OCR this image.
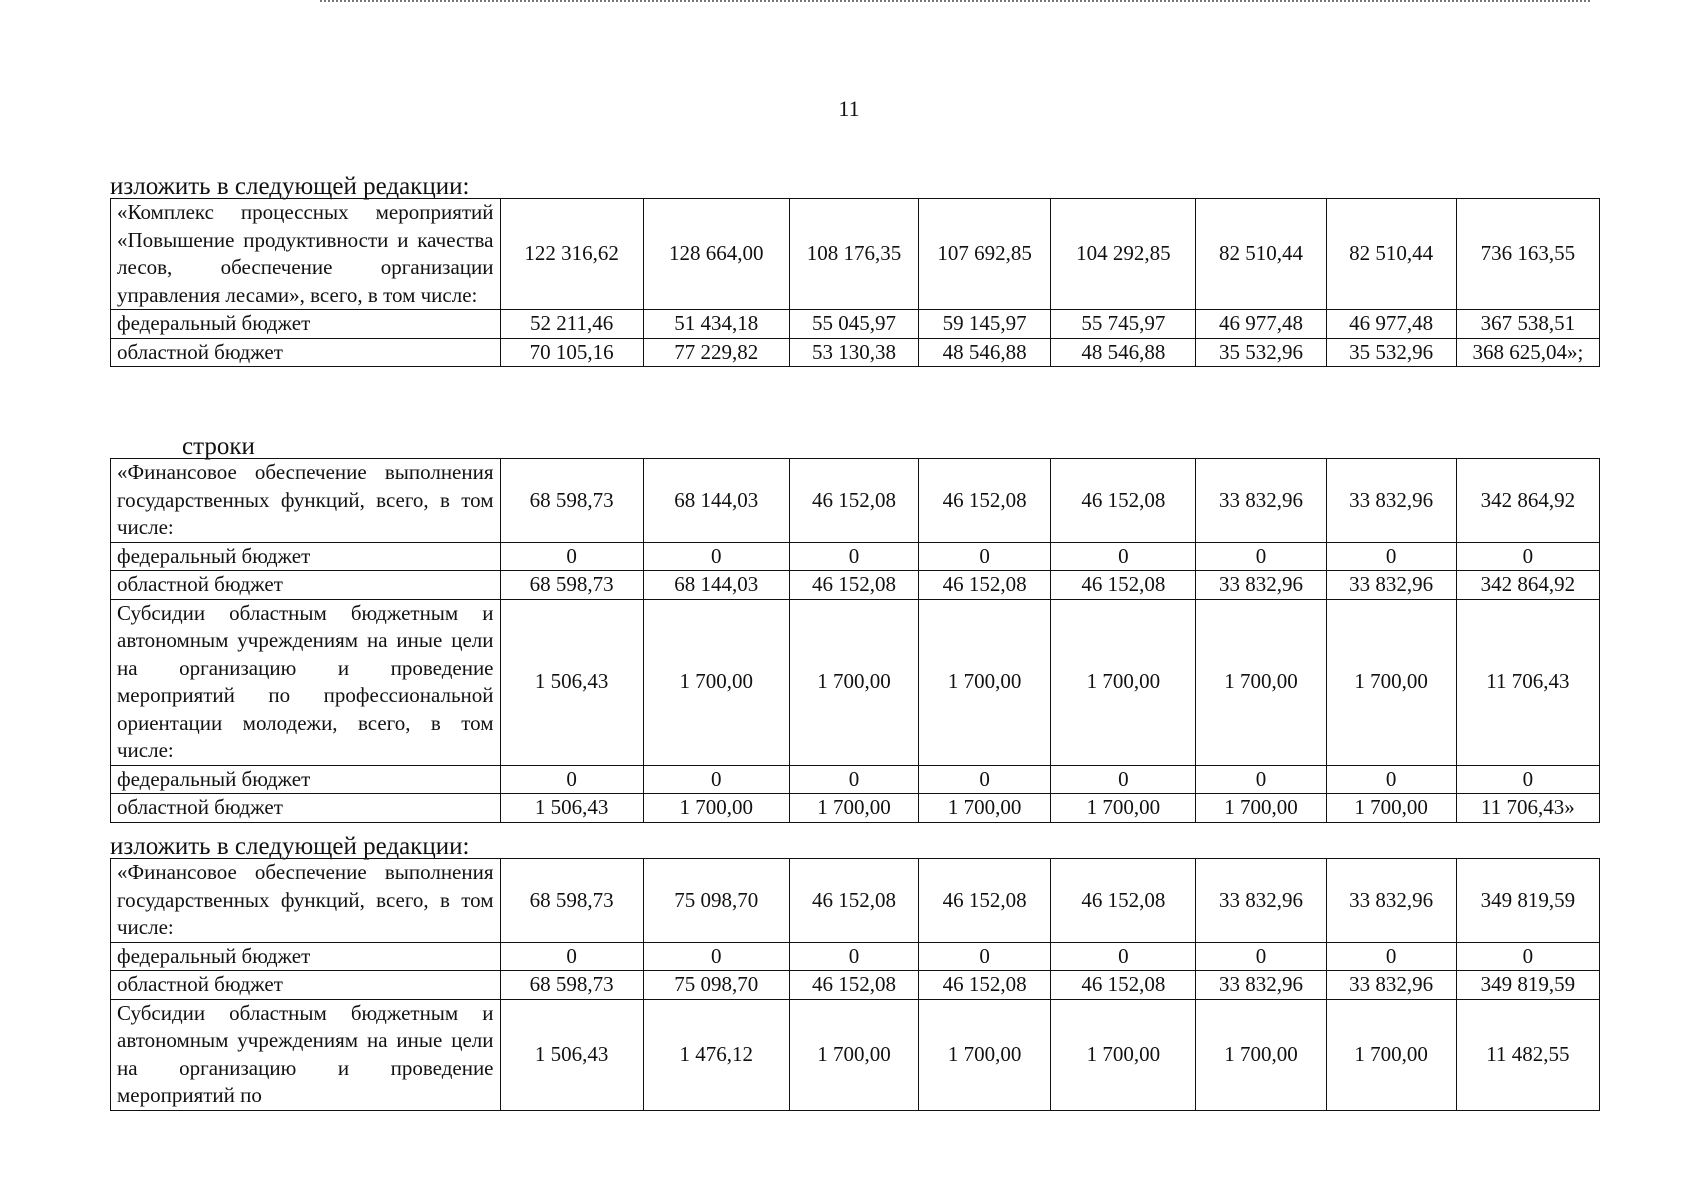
11
изложить в следующей редакции:
«Комплекс процессных мероприятий «Повышение продуктивности и качества лесов, обеспечение организации управления лесами», всего, в том числе:	122 316,62	128 664,00	108 176,35	107 692,85	104 292,85	82 510,44	82 510,44	736 163,55
федеральный бюджет	52 211,46	51 434,18	55 045,97	59 145,97	55 745,97	46 977,48	46 977,48	367 538,51
областной бюджет	70 105,16	77 229,82	53 130,38	48 546,88	48 546,88	35 532,96	35 532,96	368 625,04»;
строки
«Финансовое обеспечение выполнения государственных функций, всего, в том числе:	68 598,73	68 144,03	46 152,08	46 152,08	46 152,08	33 832,96	33 832,96	342 864,92
федеральный бюджет	0	0	0	0	0	0	0	0
областной бюджет	68 598,73	68 144,03	46 152,08	46 152,08	46 152,08	33 832,96	33 832,96	342 864,92
Субсидии областным бюджетным и автономным учреждениям на иные цели на организацию и проведение мероприятий по профессиональной ориентации молодежи, всего, в том числе:	1 506,43	1 700,00	1 700,00	1 700,00	1 700,00	1 700,00	1 700,00	11 706,43
федеральный бюджет	0	0	0	0	0	0	0	0
областной бюджет	1 506,43	1 700,00	1 700,00	1 700,00	1 700,00	1 700,00	1 700,00	11 706,43»
изложить в следующей редакции:
«Финансовое обеспечение выполнения государственных функций, всего, в том числе:	68 598,73	75 098,70	46 152,08	46 152,08	46 152,08	33 832,96	33 832,96	349 819,59
федеральный бюджет	0	0	0	0	0	0	0	0
областной бюджет	68 598,73	75 098,70	46 152,08	46 152,08	46 152,08	33 832,96	33 832,96	349 819,59
Субсидии областным бюджетным и автономным учреждениям на иные цели на организацию и проведение мероприятий по	1 506,43	1 476,12	1 700,00	1 700,00	1 700,00	1 700,00	1 700,00	11 482,55
